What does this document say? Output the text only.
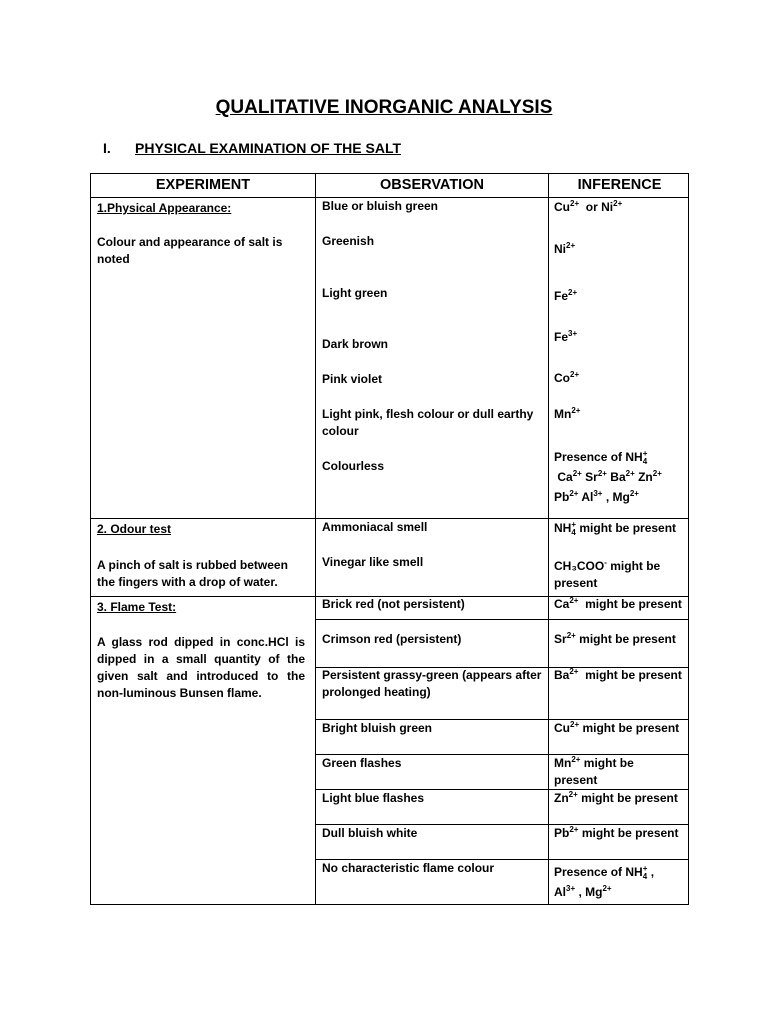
QUALITATIVE INORGANIC ANALYSIS
I. PHYSICAL EXAMINATION OF THE SALT
EXPERIMENT	OBSERVATION	INFERENCE
1.Physical Appearance:
Colour and appearance of salt is noted
2. Odour test
A pinch of salt is rubbed between the fingers with a drop of water.
3. Flame Test:
A glass rod dipped in conc.HCl is dipped in a small quantity of the given salt and introduced to the non-luminous Bunsen flame.
Blue or bluish green
Greenish
Light green
Dark brown
Pink violet
Light pink, flesh colour or dull earthy colour
Colourless
Ammoniacal smell
Vinegar like smell
Brick red (not persistent)
Crimson red (persistent)
Persistent grassy-green (appears after prolonged heating)
Bright bluish green
Green flashes
Light blue flashes
Dull bluish white
No characteristic flame colour
$Cu^{2+}$  or $Ni^{2+}$
$Ni^{2+}$
$Fe^{2+}$
$Fe^{3+}$
$Co^{2+}$
$Mn^{2+}$
Presence of NH +
4

$Ca^{2+}$ $Sr^{2+}$ $Ba^{2+}$ $Zn^{2+}$
$Pb^{2+}$ $Al^{3+}$ , $Mg^{2+}$
NH +
4 might be present
CH₃COO- might be present
$Ca^{2+}$ might be present
$Sr^{2+}$ might be present
$Ba^{2+}$ might be present
$Cu^{2+}$ might be present
$Mn^{2+}$ might be present
$Zn^{2+}$ might be present
$Pb^{2+}$ might be present
Presence of NH +
4 ,
$Al^{3+}$ , $Mg^{2+}$
